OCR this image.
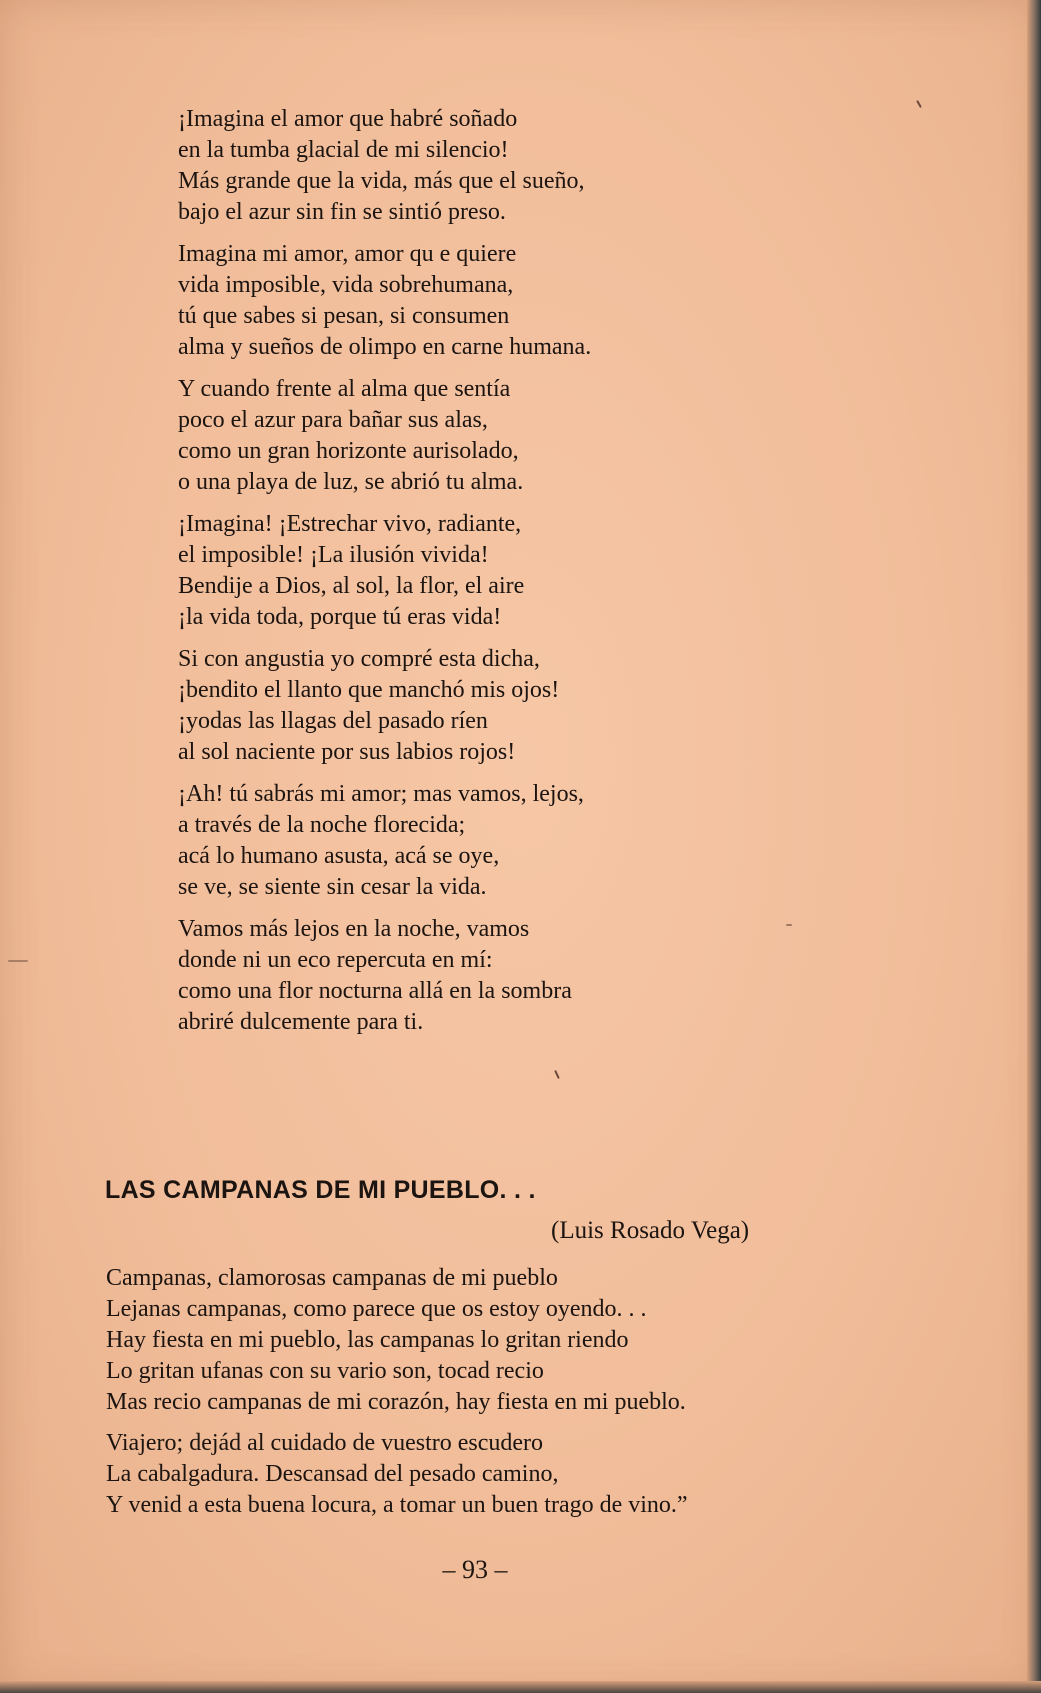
¡Imagina el amor que habré soñado
en la tumba glacial de mi silencio!
Más grande que la vida, más que el sueño,
bajo el azur sin fin se sintió preso.
Imagina mi amor, amor qu e quiere
vida imposible, vida sobrehumana,
tú que sabes si pesan, si consumen
alma y sueños de olimpo en carne humana.
Y cuando frente al alma que sentía
poco el azur para bañar sus alas,
como un gran horizonte aurisolado,
o una playa de luz, se abrió tu alma.
¡Imagina! ¡Estrechar vivo, radiante,
el imposible! ¡La ilusión vivida!
Bendije a Dios, al sol, la flor, el aire
¡la vida toda, porque tú eras vida!
Si con angustia yo compré esta dicha,
¡bendito el llanto que manchó mis ojos!
¡yodas las llagas del pasado ríen
al sol naciente por sus labios rojos!
¡Ah! tú sabrás mi amor; mas vamos, lejos,
a través de la noche florecida;
acá lo humano asusta, acá se oye,
se ve, se siente sin cesar la vida.
Vamos más lejos en la noche, vamos
donde ni un eco repercuta en mí:
como una flor nocturna allá en la sombra
abriré dulcemente para ti.
LAS CAMPANAS DE MI PUEBLO. . .
(Luis Rosado Vega)
Campanas, clamorosas campanas de mi pueblo
Lejanas campanas, como parece que os estoy oyendo. . .
Hay fiesta en mi pueblo, las campanas lo gritan riendo
Lo gritan ufanas con su vario son, tocad recio
Mas recio campanas de mi corazón, hay fiesta en mi pueblo.
Viajero; dejád al cuidado de vuestro escudero
La cabalgadura. Descansad del pesado camino,
Y venid a esta buena locura, a tomar un buen trago de vino.”
– 93 –
